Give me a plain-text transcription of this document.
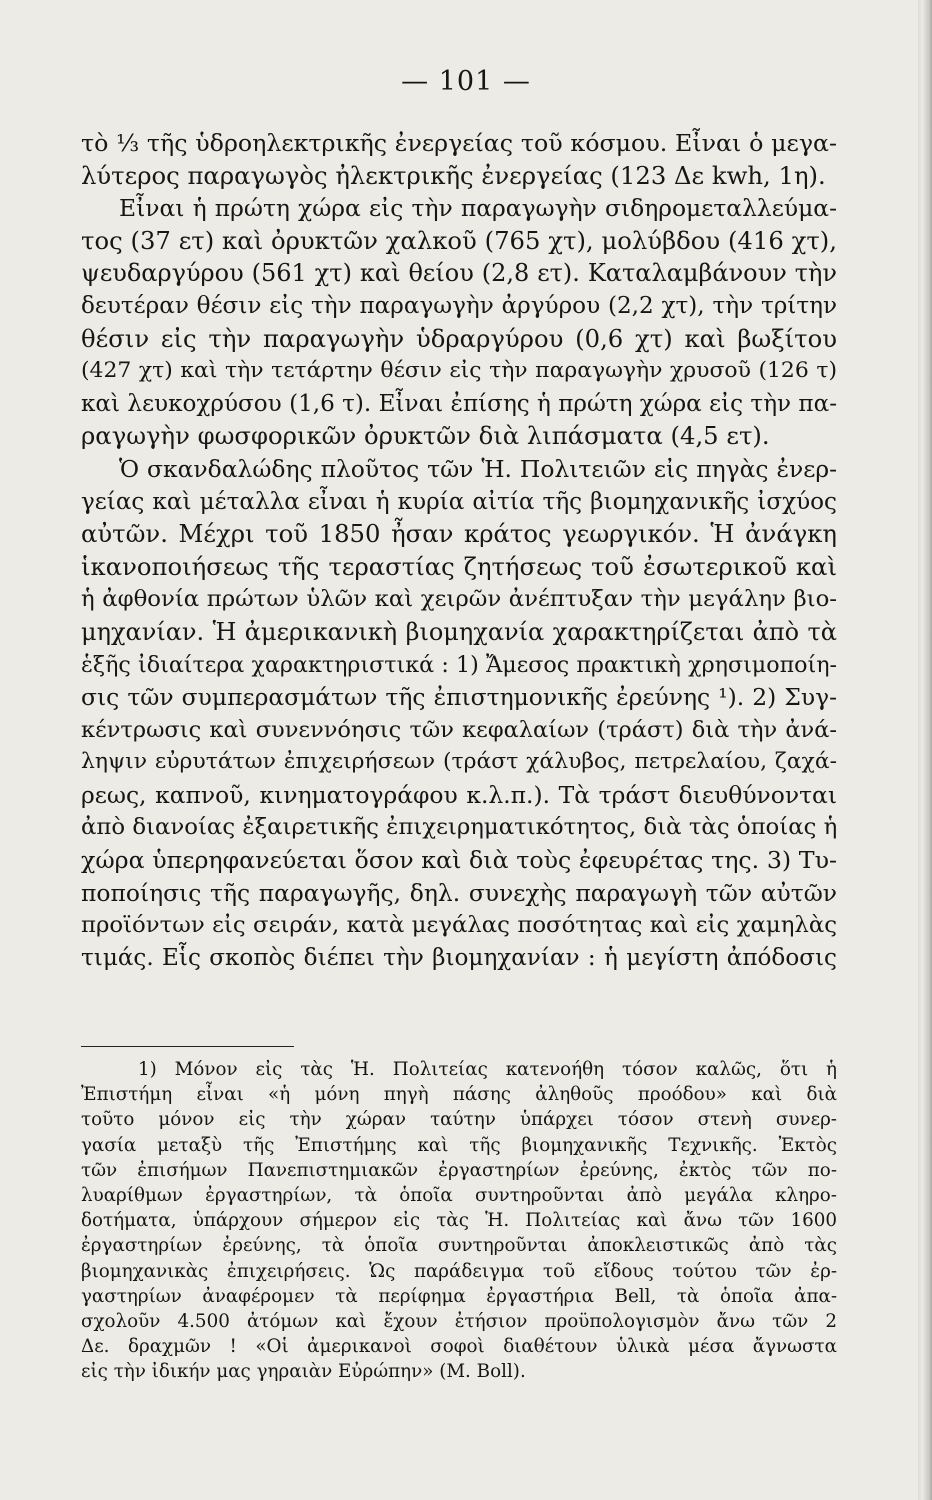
— 101 —
τὸ ⅓ τῆς ὑδροηλεκτρικῆς ἐνεργείας τοῦ κόσμου. Εἶναι ὁ μεγα-
λύτερος παραγωγὸς ἠλεκτρικῆς ἐνεργείας (123 Δε kwh, 1η).
Εἶναι ἡ πρώτη χώρα εἰς τὴν παραγωγὴν σιδηρομεταλλεύμα-
τος (37 ετ) καὶ ὀρυκτῶν χαλκοῦ (765 χτ), μολύβδου (416 χτ),
ψευδαργύρου (561 χτ) καὶ θείου (2,8 ετ). Καταλαμβάνουν τὴν
δευτέραν θέσιν εἰς τὴν παραγωγὴν ἀργύρου (2,2 χτ), τὴν τρίτην
θέσιν εἰς τὴν παραγωγὴν ὑδραργύρου (0,6 χτ) καὶ βωξίτου
(427 χτ) καὶ τὴν τετάρτην θέσιν εἰς τὴν παραγωγὴν χρυσοῦ (126 τ)
καὶ λευκοχρύσου (1,6 τ). Εἶναι ἐπίσης ἡ πρώτη χώρα εἰς τὴν πα-
ραγωγὴν φωσφορικῶν ὀρυκτῶν διὰ λιπάσματα (4,5 ετ).
Ὁ σκανδαλώδης πλοῦτος τῶν Ἡ. Πολιτειῶν εἰς πηγὰς ἐνερ-
γείας καὶ μέταλλα εἶναι ἡ κυρία αἰτία τῆς βιομηχανικῆς ἰσχύος
αὐτῶν. Μέχρι τοῦ 1850 ἦσαν κράτος γεωργικόν. Ἡ ἀνάγκη
ἱκανοποιήσεως τῆς τεραστίας ζητήσεως τοῦ ἐσωτερικοῦ καὶ
ἡ ἀφθονία πρώτων ὑλῶν καὶ χειρῶν ἀνέπτυξαν τὴν μεγάλην βιο-
μηχανίαν. Ἡ ἀμερικανικὴ βιομηχανία χαρακτηρίζεται ἀπὸ τὰ
ἑξῆς ἰδιαίτερα χαρακτηριστικά : 1) Ἄμεσος πρακτικὴ χρησιμοποίη-
σις τῶν συμπερασμάτων τῆς ἐπιστημονικῆς ἐρεύνης ¹). 2) Συγ-
κέντρωσις καὶ συνεννόησις τῶν κεφαλαίων (τράστ) διὰ τὴν ἀνά-
ληψιν εὐρυτάτων ἐπιχειρήσεων (τράστ χάλυβος, πετρελαίου, ζαχά-
ρεως, καπνοῦ, κινηματογράφου κ.λ.π.). Τὰ τράστ διευθύνονται
ἀπὸ διανοίας ἐξαιρετικῆς ἐπιχειρηματικότητος, διὰ τὰς ὁποίας ἡ
χώρα ὑπερηφανεύεται ὅσον καὶ διὰ τοὺς ἐφευρέτας της. 3) Τυ-
ποποίησις τῆς παραγωγῆς, δηλ. συνεχὴς παραγωγὴ τῶν αὐτῶν
προϊόντων εἰς σειράν, κατὰ μεγάλας ποσότητας καὶ εἰς χαμηλὰς
τιμάς. Εἷς σκοπὸς διέπει τὴν βιομηχανίαν : ἡ μεγίστη ἀπόδοσις
1) Μόνον εἰς τὰς Ἡ. Πολιτείας κατενοήθη τόσον καλῶς, ὅτι ἡ
Ἐπιστήμη εἶναι «ἡ μόνη πηγὴ πάσης ἀληθοῦς προόδου» καὶ διὰ
τοῦτο μόνον εἰς τὴν χώραν ταύτην ὑπάρχει τόσον στενὴ συνερ-
γασία μεταξὺ τῆς Ἐπιστήμης καὶ τῆς βιομηχανικῆς Τεχνικῆς. Ἐκτὸς
τῶν ἐπισήμων Πανεπιστημιακῶν ἐργαστηρίων ἐρεύνης, ἐκτὸς τῶν πο-
λυαρίθμων ἐργαστηρίων, τὰ ὁποῖα συντηροῦνται ἀπὸ μεγάλα κληρο-
δοτήματα, ὑπάρχουν σήμερον εἰς τὰς Ἡ. Πολιτείας καὶ ἄνω τῶν 1600
ἐργαστηρίων ἐρεύνης, τὰ ὁποῖα συντηροῦνται ἀποκλειστικῶς ἀπὸ τὰς
βιομηχανικὰς ἐπιχειρήσεις. Ὡς παράδειγμα τοῦ εἴδους τούτου τῶν ἐρ-
γαστηρίων ἀναφέρομεν τὰ περίφημα ἐργαστήρια Bell, τὰ ὁποῖα ἀπα-
σχολοῦν 4.500 ἀτόμων καὶ ἔχουν ἐτήσιον προϋπολογισμὸν ἄνω τῶν 2
Δε. δραχμῶν ! «Οἱ ἀμερικανοὶ σοφοὶ διαθέτουν ὑλικὰ μέσα ἄγνωστα
εἰς τὴν ἰδικήν μας γηραιὰν Εὐρώπην» (M. Boll).
